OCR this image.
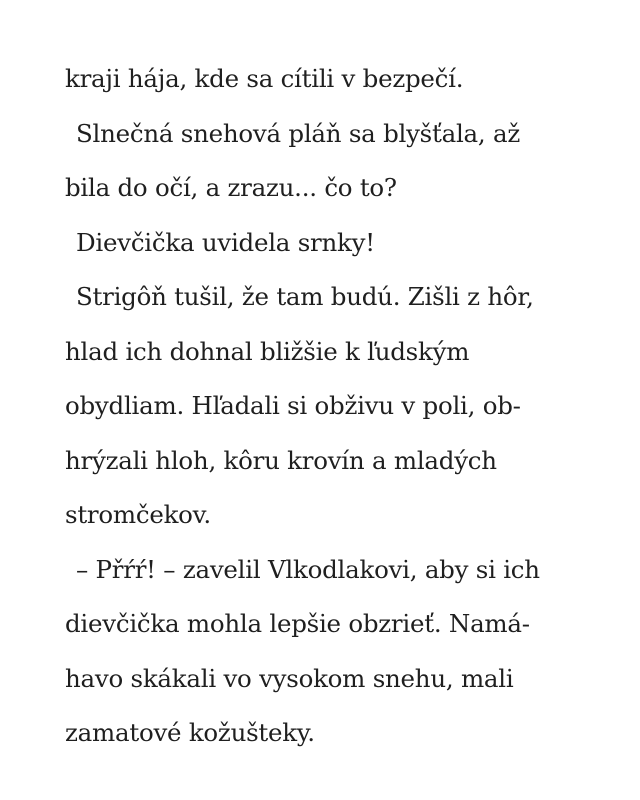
kraji hája, kde sa cítili v bezpečí.
Slnečná snehová pláň sa blyšťala, až
bila do očí, a zrazu... čo to?
Dievčička uvidela srnky!
Strigôň tušil, že tam budú. Zišli z hôr,
hlad ich dohnal bližšie k ľudským
obydliam. Hľadali si obživu v poli, ob-
hrýzali hloh, kôru krovín a mladých
stromčekov.
– Přŕŕ! – zavelil Vlkodlakovi, aby si ich
dievčička mohla lepšie obzrieť. Namá-
havo skákali vo vysokom snehu, mali
zamatové kožušteky.
